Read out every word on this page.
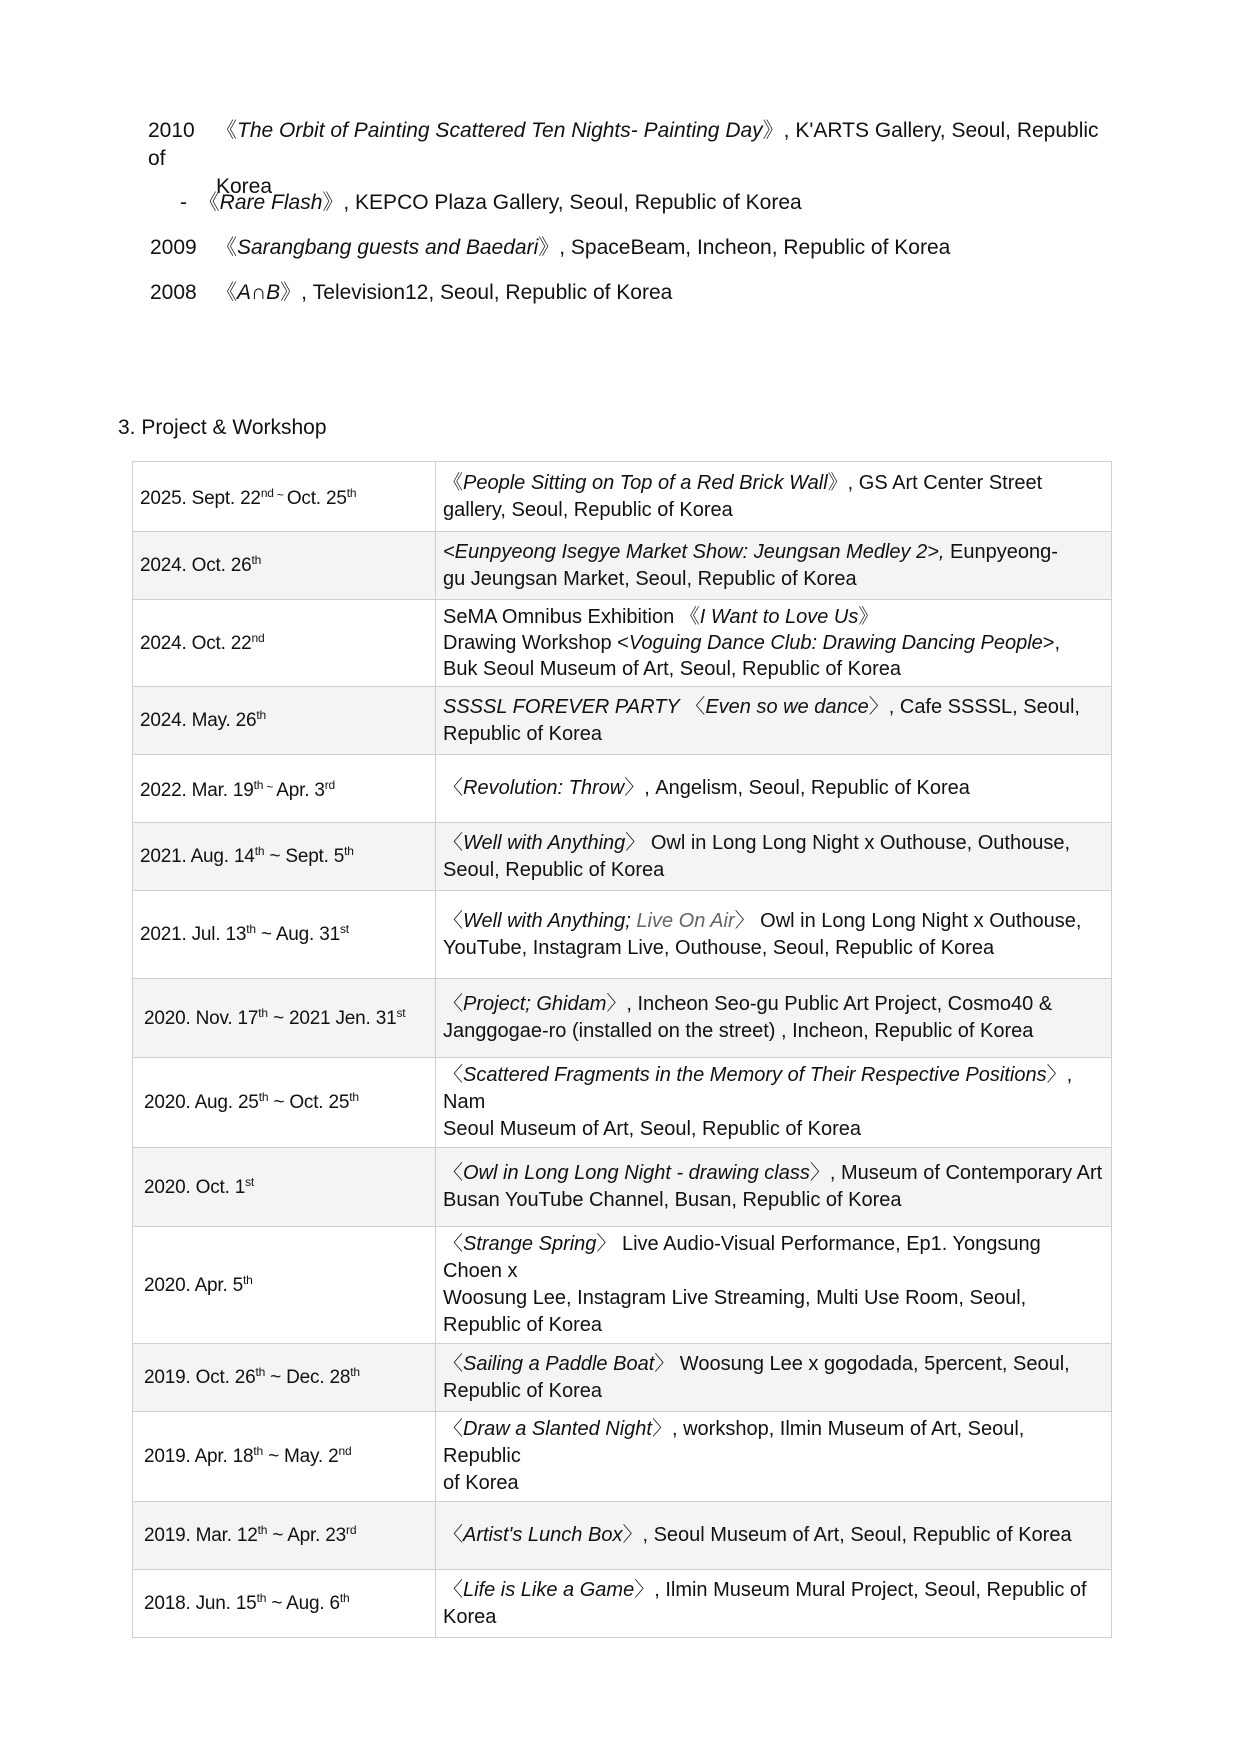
2010 《The Orbit of Painting Scattered Ten Nights- Painting Day》, K'ARTS Gallery, Seoul, Republic of
Korea
-  《Rare Flash》, KEPCO Plaza Gallery, Seoul, Republic of Korea
2009 《Sarangbang guests and Baedari》, SpaceBeam, Incheon, Republic of Korea
2008 《A∩B》, Television12, Seoul, Republic of Korea
3. Project & Workshop
2025. Sept. 22nd ~ Oct. 25th	《People Sitting on Top of a Red Brick Wall》, GS Art Center Street
gallery, Seoul, Republic of Korea
2024. Oct. 26th	<Eunpyeong Isegye Market Show: Jeungsan Medley 2>, Eunpyeong-
gu Jeungsan Market, Seoul, Republic of Korea
2024. Oct. 22nd	SeMA Omnibus Exhibition 《I Want to Love Us》
Drawing Workshop <Voguing Dance Club: Drawing Dancing People>,
Buk Seoul Museum of Art, Seoul, Republic of Korea
2024. May. 26th	SSSSL FOREVER PARTY 〈Even so we dance〉, Cafe SSSSL, Seoul,
Republic of Korea
2022. Mar. 19th ~ Apr. 3rd	〈Revolution: Throw〉, Angelism, Seoul, Republic of Korea
2021. Aug. 14th ~ Sept. 5th	〈Well with Anything〉 Owl in Long Long Night x Outhouse, Outhouse,
Seoul, Republic of Korea
2021. Jul. 13th ~ Aug. 31st	〈Well with Anything; Live On Air〉 Owl in Long Long Night x Outhouse,
YouTube, Instagram Live, Outhouse, Seoul, Republic of Korea
2020. Nov. 17th ~ 2021 Jen. 31st	〈Project; Ghidam〉, Incheon Seo-gu Public Art Project, Cosmo40 &
Janggogae-ro (installed on the street) , Incheon, Republic of Korea
2020. Aug. 25th ~ Oct. 25th	〈Scattered Fragments in the Memory of Their Respective Positions〉, Nam
Seoul Museum of Art, Seoul, Republic of Korea
2020. Oct. 1st	〈Owl in Long Long Night - drawing class〉, Museum of Contemporary Art
Busan YouTube Channel, Busan, Republic of Korea
2020. Apr. 5th	〈Strange Spring〉 Live Audio-Visual Performance, Ep1. Yongsung Choen x
Woosung Lee, Instagram Live Streaming, Multi Use Room, Seoul,
Republic of Korea
2019. Oct. 26th ~ Dec. 28th	〈Sailing a Paddle Boat〉 Woosung Lee x gogodada, 5percent, Seoul,
Republic of Korea
2019. Apr. 18th ~ May. 2nd	〈Draw a Slanted Night〉, workshop, Ilmin Museum of Art, Seoul, Republic
of Korea
2019. Mar. 12th ~ Apr. 23rd	〈Artist's Lunch Box〉, Seoul Museum of Art, Seoul, Republic of Korea
2018. Jun. 15th ~ Aug. 6th	〈Life is Like a Game〉, Ilmin Museum Mural Project, Seoul, Republic of
Korea
